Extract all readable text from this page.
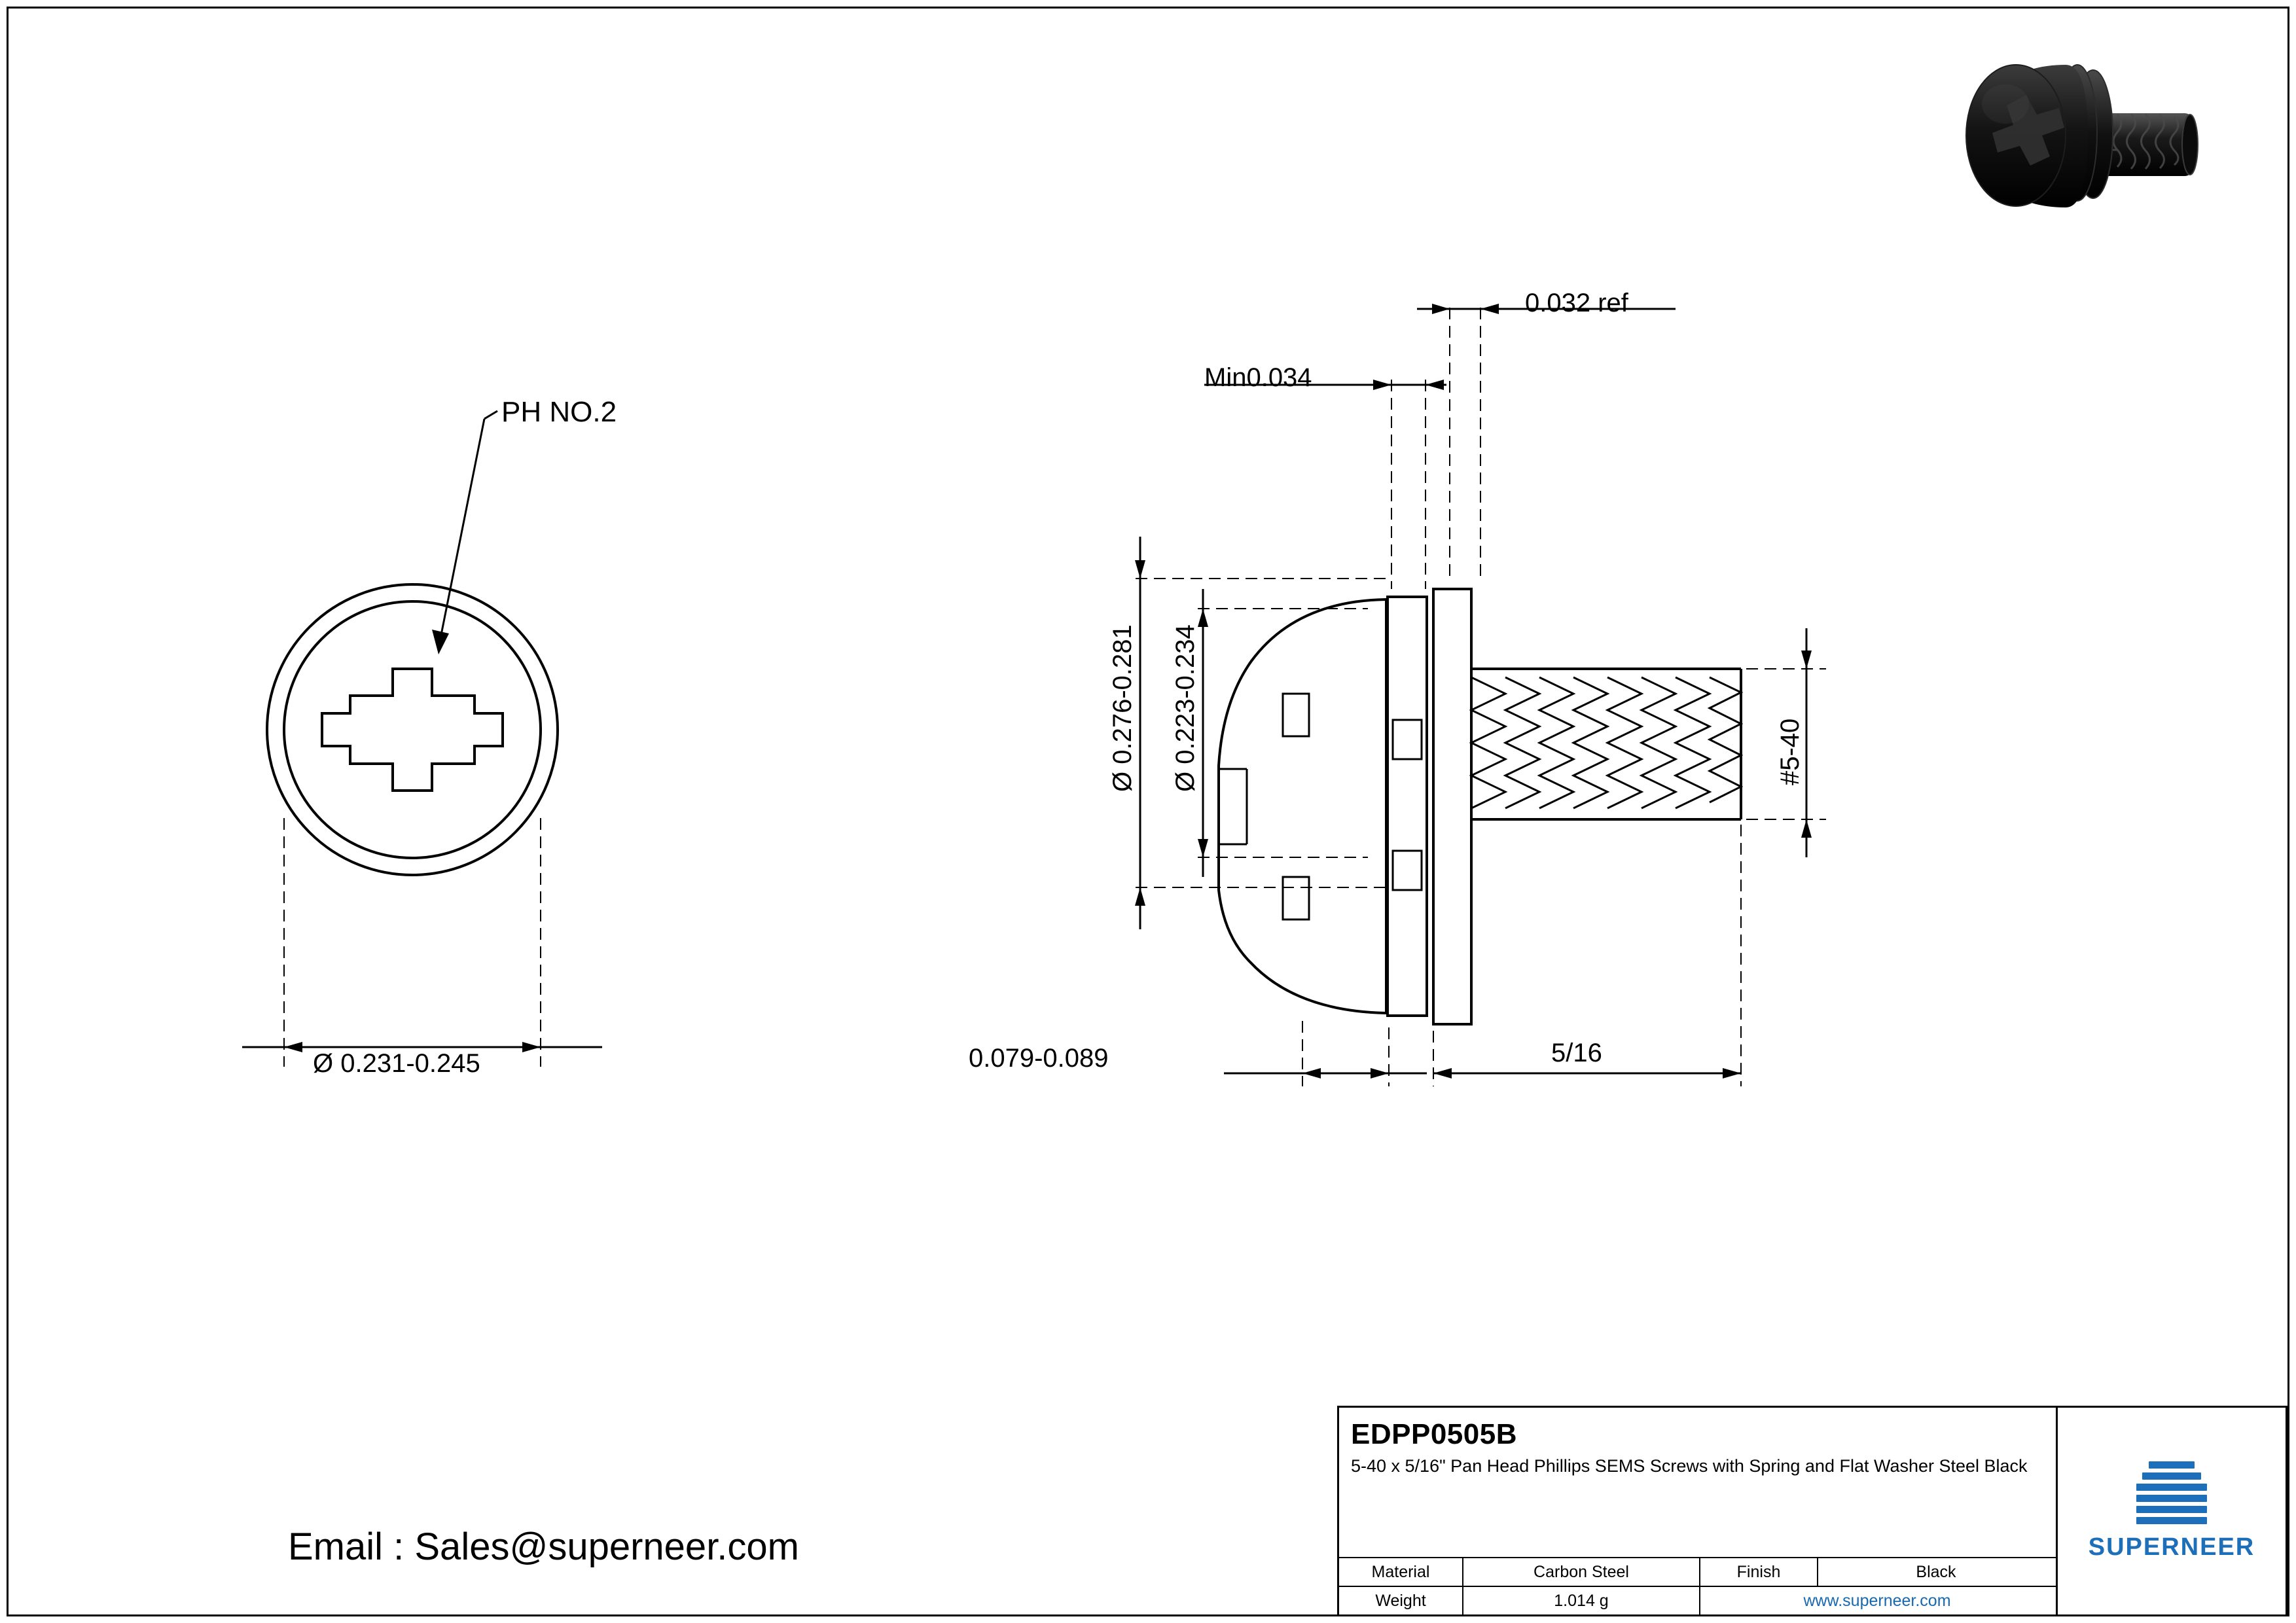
PH NO.2
Ø 0.231-0.245
0.032 ref
Min0.034
Ø 0.276-0.281 Ø 0.223-0.234	#5-40
0.079-0.089	5/16
Email : Sales@superneer.com
EDPP0505B
5-40 x 5/16" Pan Head Phillips SEMS Screws with Spring and Flat Washer Steel Black
Material	Carbon Steel	Finish	Black
Weight	1.014 g	www.superneer.com
SUPERNEER
